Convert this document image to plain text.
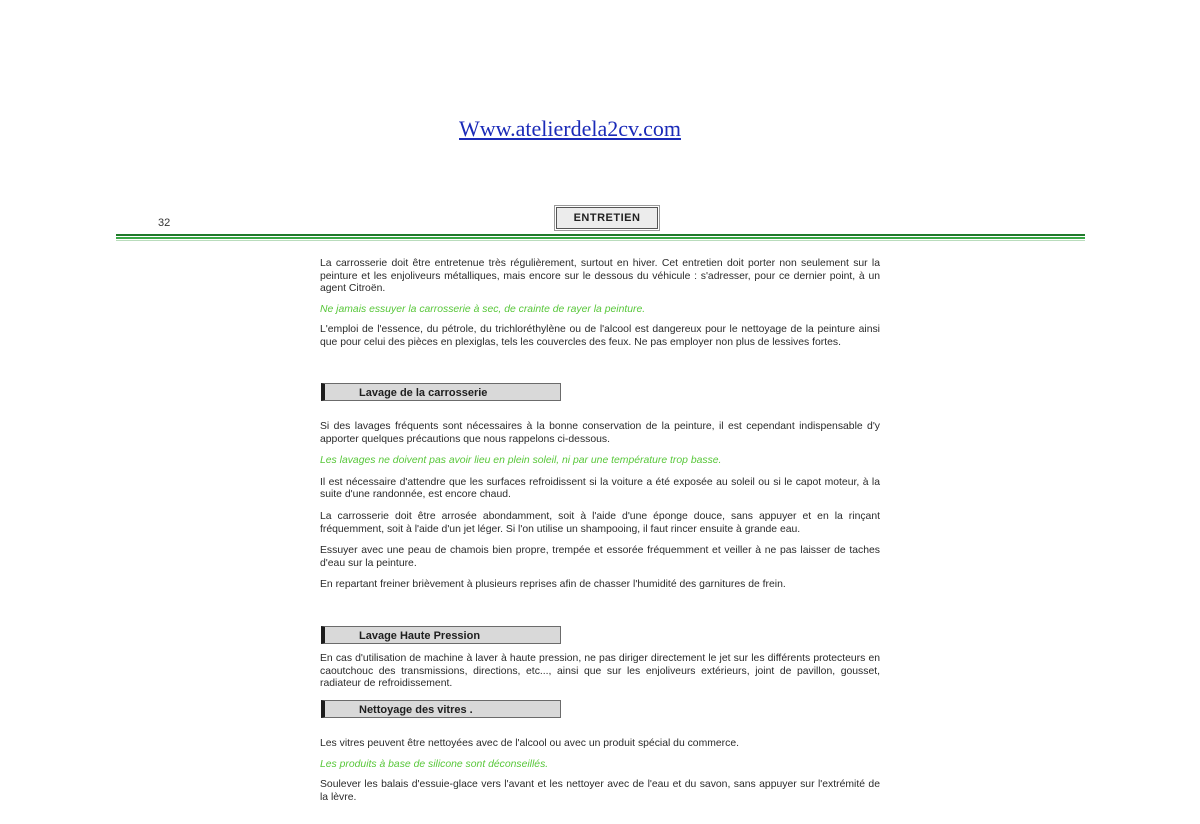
Www.atelierdela2cv.com
32	ENTRETIEN

La carrosserie doit être entretenue très régulièrement, surtout en hiver. Cet entretien doit porter non seulement sur la peinture et les enjoliveurs métalliques, mais encore sur le dessous du véhicule : s'adresser, pour ce dernier point, à un agent Citroën.

Ne jamais essuyer la carrosserie à sec, de crainte de rayer la peinture.

L'emploi de l'essence, du pétrole, du trichloréthylène ou de l'alcool est dangereux pour le nettoyage de la peinture ainsi que pour celui des pièces en plexiglas, tels les couvercles des feux. Ne pas employer non plus de lessives fortes.

Lavage de la carrosserie

Si des lavages fréquents sont nécessaires à la bonne conservation de la peinture, il est cependant indispensable d'y apporter quelques précautions que nous rappelons ci-dessous.

Les lavages ne doivent pas avoir lieu en plein soleil, ni par une température trop basse.

Il est nécessaire d'attendre que les surfaces refroidissent si la voiture a été exposée au soleil ou si le capot moteur, à la suite d'une randonnée, est encore chaud.

La carrosserie doit être arrosée abondamment, soit à l'aide d'une éponge douce, sans appuyer et en la rinçant fréquemment, soit à l'aide d'un jet léger. Si l'on utilise un shampooing, il faut rincer ensuite à grande eau.

Essuyer avec une peau de chamois bien propre, trempée et essorée fréquemment et veiller à ne pas laisser de taches d'eau sur la peinture.

En repartant freiner brièvement à plusieurs reprises afin de chasser l'humidité des garnitures de frein.

Lavage Haute Pression

En cas d'utilisation de machine à laver à haute pression, ne pas diriger directement le jet sur les différents protecteurs en caoutchouc des transmissions, directions, etc..., ainsi que sur les enjoliveurs extérieurs, joint de pavillon, gousset, radiateur de refroidissement.

Nettoyage des vitres .

Les vitres peuvent être nettoyées avec de l'alcool ou avec un produit spécial du commerce.

Les produits à base de silicone sont déconseillés.

Soulever les balais d'essuie-glace vers l'avant et les nettoyer avec de l'eau et du savon, sans appuyer sur l'extrémité de la lèvre.
